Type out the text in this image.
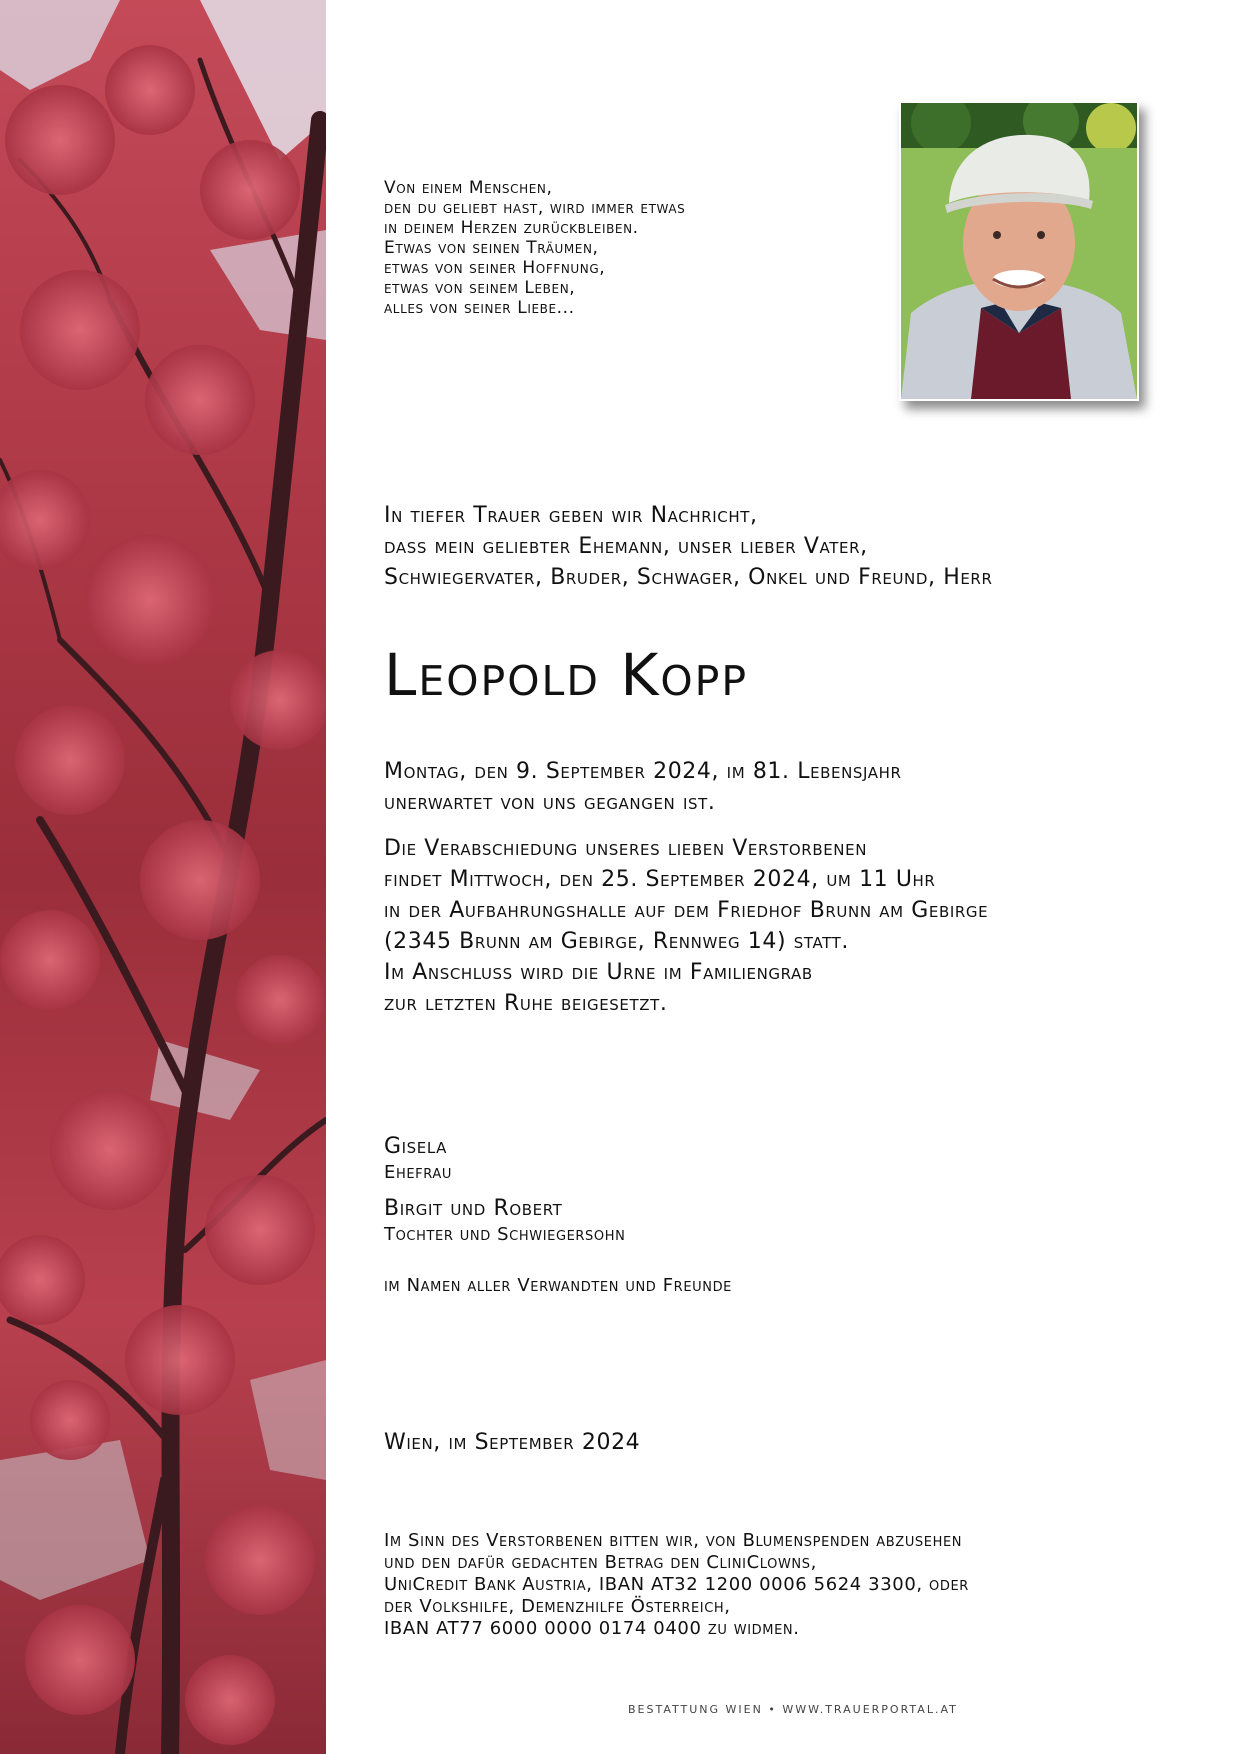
Von einem Menschen,
den du geliebt hast, wird immer etwas
in deinem Herzen zurückbleiben.
Etwas von seinen Träumen,
etwas von seiner Hoffnung,
etwas von seinem Leben,
alles von seiner Liebe...
In tiefer Trauer geben wir Nachricht,
dass mein geliebter Ehemann, unser lieber Vater,
Schwiegervater, Bruder, Schwager, Onkel und Freund, Herr
Leopold Kopp
Montag, den 9. September 2024, im 81. Lebensjahr
unerwartet von uns gegangen ist.
Die Verabschiedung unseres lieben Verstorbenen
findet Mittwoch, den 25. September 2024, um 11 Uhr
in der Aufbahrungshalle auf dem Friedhof Brunn am Gebirge
(2345 Brunn am Gebirge, Rennweg 14) statt.
Im Anschluss wird die Urne im Familiengrab
zur letzten Ruhe beigesetzt.
Gisela
Ehefrau
Birgit und Robert
Tochter und Schwiegersohn
im Namen aller Verwandten und Freunde
Wien, im September 2024
Im Sinn des Verstorbenen bitten wir, von Blumenspenden abzusehen
und den dafür gedachten Betrag den CliniClowns,
UniCredit Bank Austria, IBAN AT32 1200 0006 5624 3300, oder
der Volkshilfe, Demenzhilfe Österreich,
IBAN AT77 6000 0000 0174 0400 zu widmen.
BESTATTUNG WIEN • WWW.TRAUERPORTAL.AT
